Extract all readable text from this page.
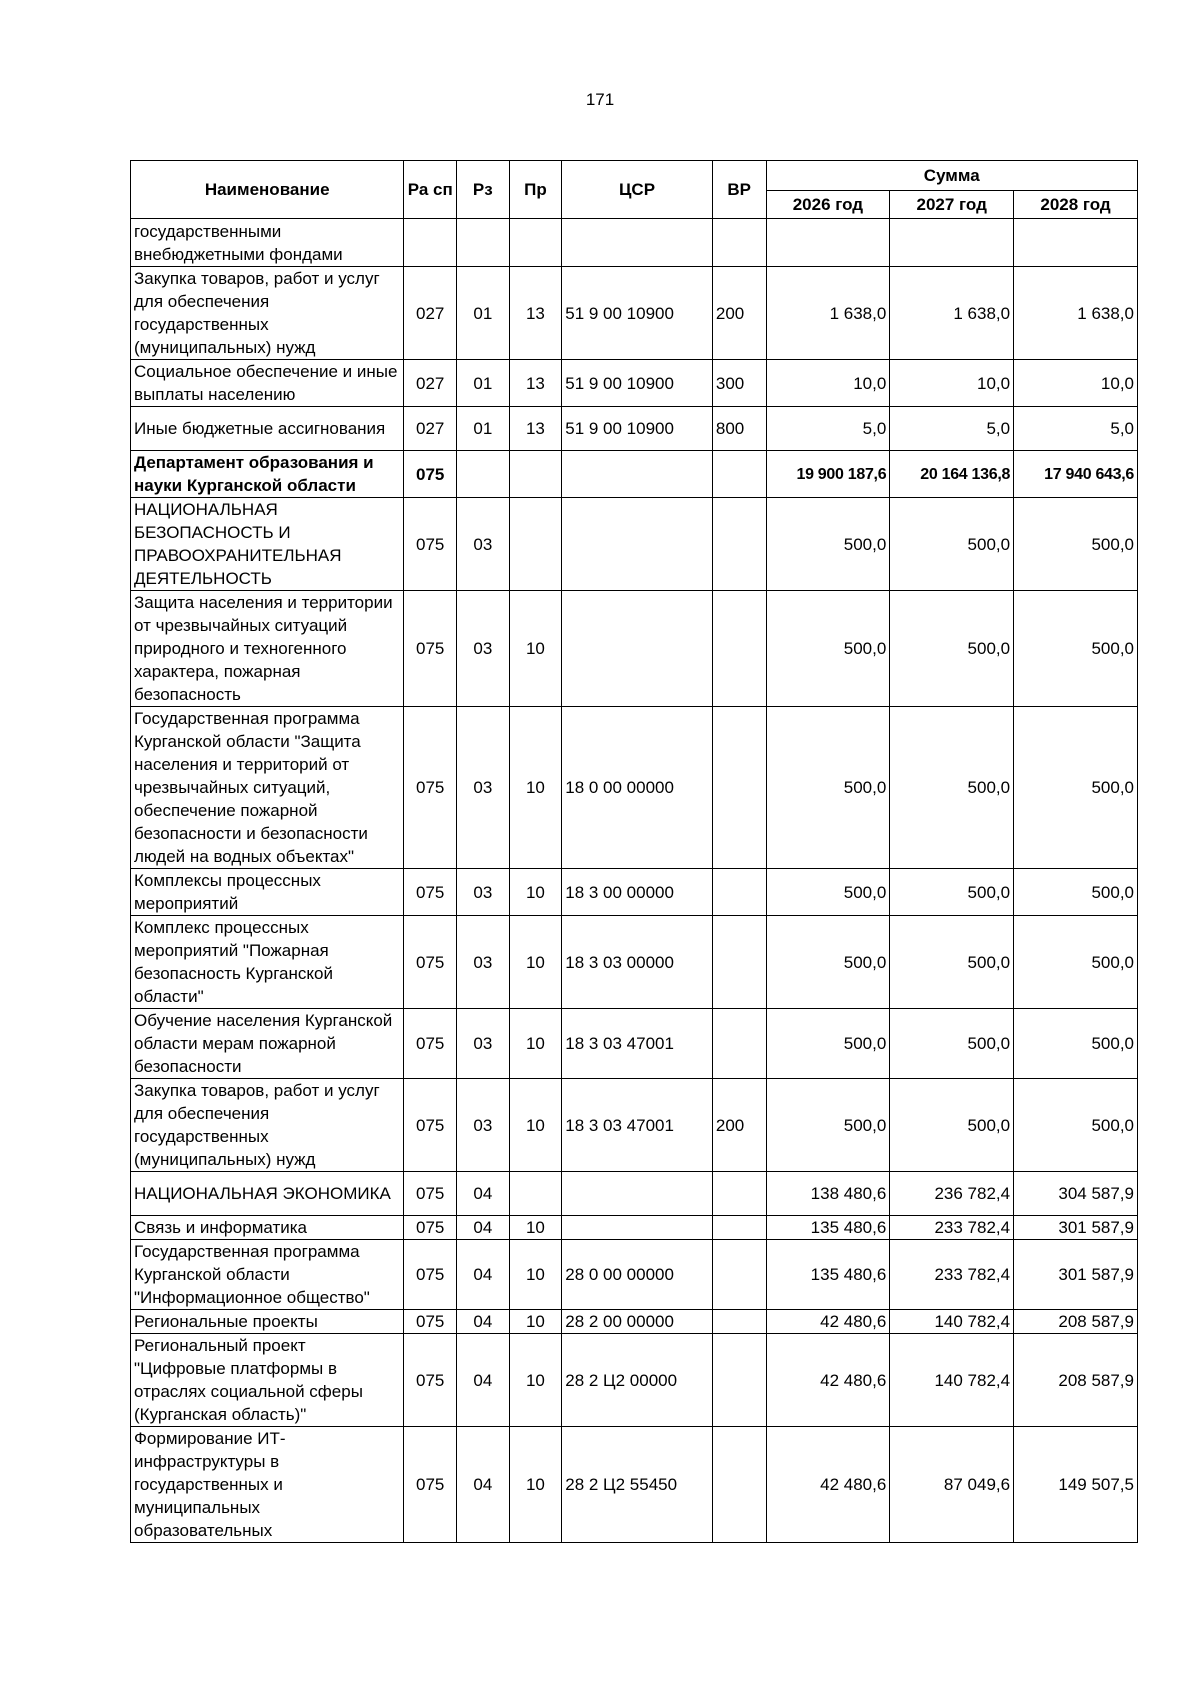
171
Наименование	Ра сп	Рз	Пр	ЦСР	ВР	Сумма		
						2026 год	2027 год	2028 год
государственными внебюджетными фондами								
Закупка товаров, работ и услуг для обеспечения государственных (муниципальных) нужд	027	01	13	51 9 00 10900	200	1 638,0	1 638,0	1 638,0
Социальное обеспечение и иные выплаты населению	027	01	13	51 9 00 10900	300	10,0	10,0	10,0
Иные бюджетные ассигнования	027	01	13	51 9 00 10900	800	5,0	5,0	5,0
Департамент образования и науки Курганской области	075					19 900 187,6	20 164 136,8	17 940 643,6
НАЦИОНАЛЬНАЯ БЕЗОПАСНОСТЬ И ПРАВООХРАНИТЕЛЬНАЯ ДЕЯТЕЛЬНОСТЬ	075	03				500,0	500,0	500,0
Защита населения и территории от чрезвычайных ситуаций природного и техногенного характера, пожарная безопасность	075	03	10			500,0	500,0	500,0
Государственная программа Курганской области "Защита населения и территорий от чрезвычайных ситуаций, обеспечение пожарной безопасности и безопасности людей на водных объектах"	075	03	10	18 0 00 00000		500,0	500,0	500,0
Комплексы процессных мероприятий	075	03	10	18 3 00 00000		500,0	500,0	500,0
Комплекс процессных мероприятий "Пожарная безопасность Курганской области"	075	03	10	18 3 03 00000		500,0	500,0	500,0
Обучение населения Курганской области мерам пожарной безопасности	075	03	10	18 3 03 47001		500,0	500,0	500,0
Закупка товаров, работ и услуг для обеспечения государственных (муниципальных) нужд	075	03	10	18 3 03 47001	200	500,0	500,0	500,0
НАЦИОНАЛЬНАЯ ЭКОНОМИКА	075	04				138 480,6	236 782,4	304 587,9
Связь и информатика	075	04	10			135 480,6	233 782,4	301 587,9
Государственная программа Курганской области "Информационное общество"	075	04	10	28 0 00 00000		135 480,6	233 782,4	301 587,9
Региональные проекты	075	04	10	28 2 00 00000		42 480,6	140 782,4	208 587,9
Региональный проект "Цифровые платформы в отраслях социальной сферы (Курганская область)"	075	04	10	28 2 Ц2 00000		42 480,6	140 782,4	208 587,9
Формирование ИТ-инфраструктуры в государственных и муниципальных образовательных	075	04	10	28 2 Ц2 55450		42 480,6	87 049,6	149 507,5
